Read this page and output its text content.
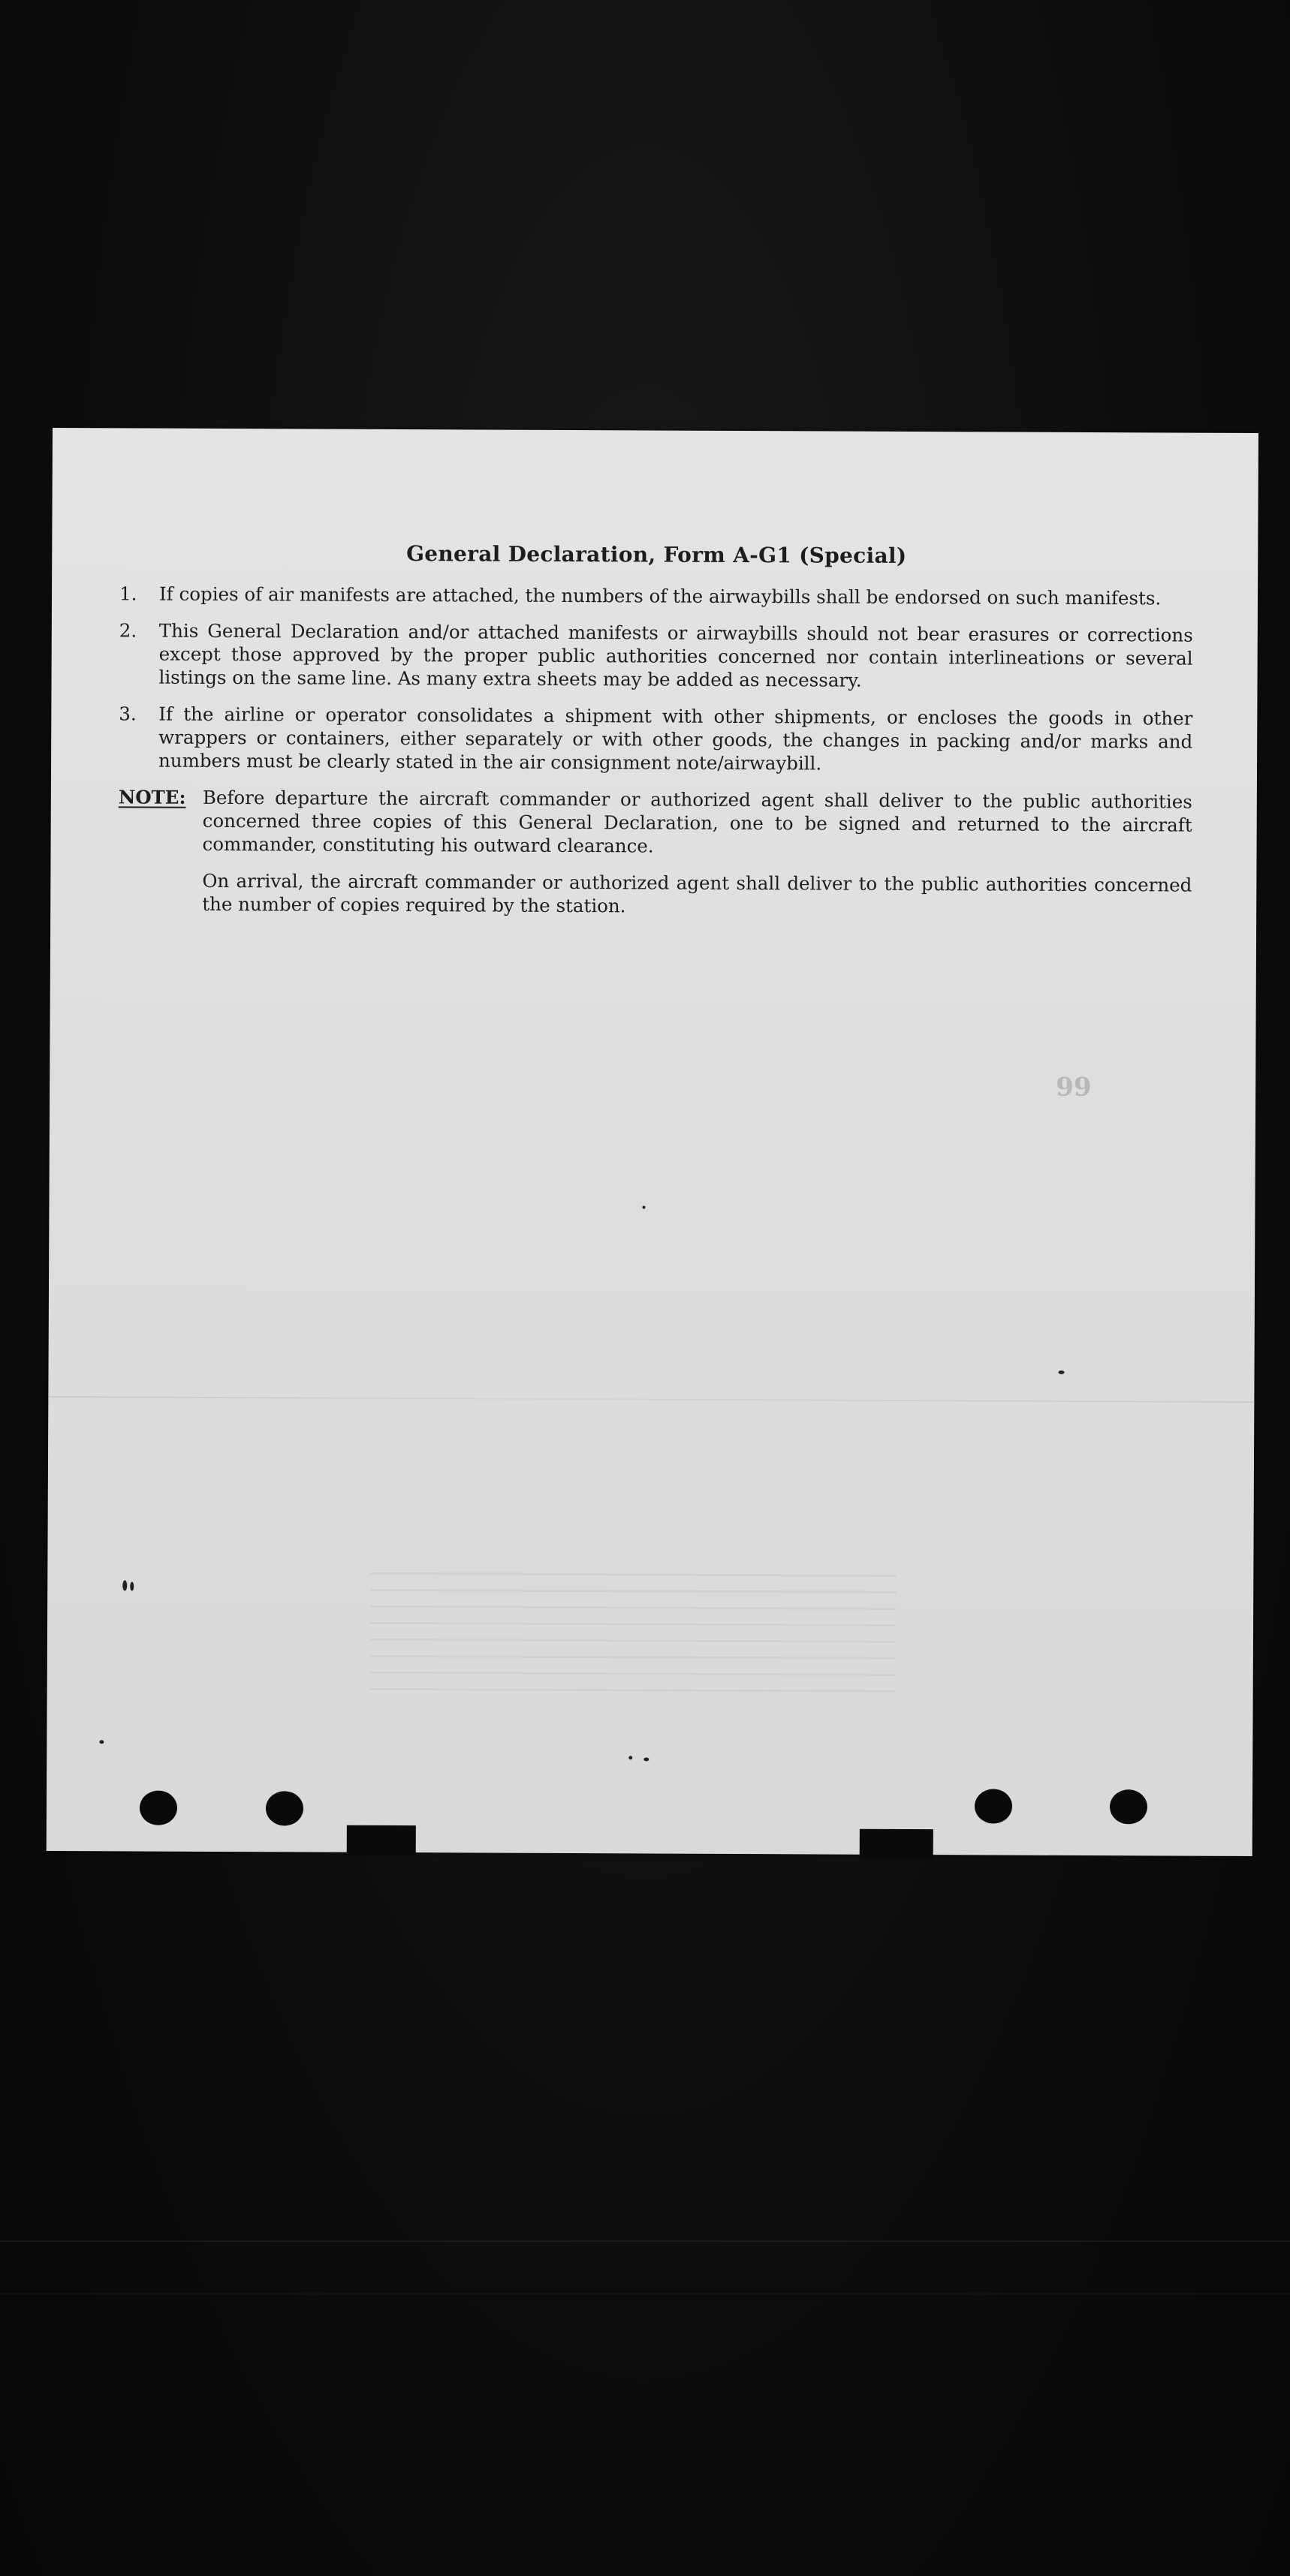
66
General Declaration, Form A-G1 (Special)
1.	If copies of air manifests are attached, the numbers of the airwaybills shall be endorsed on such manifests.
2.	This General Declaration and/or attached manifests or airwaybills should not bear erasures or corrections except those approved by the proper public authorities concerned nor contain interlineations or several listings on the same line. As many extra sheets may be added as necessary.
3.	If the airline or operator consolidates a shipment with other shipments, or encloses the goods in other wrappers or containers, either separately or with other goods, the changes in packing and/or marks and numbers must be clearly stated in the air consignment note/airwaybill.
NOTE: Before departure the aircraft commander or authorized agent shall deliver to the public authorities concerned three copies of this General Declaration, one to be signed and returned to the aircraft commander, constituting his outward clearance.

On arrival, the aircraft commander or authorized agent shall deliver to the public authorities concerned the number of copies required by the station.
